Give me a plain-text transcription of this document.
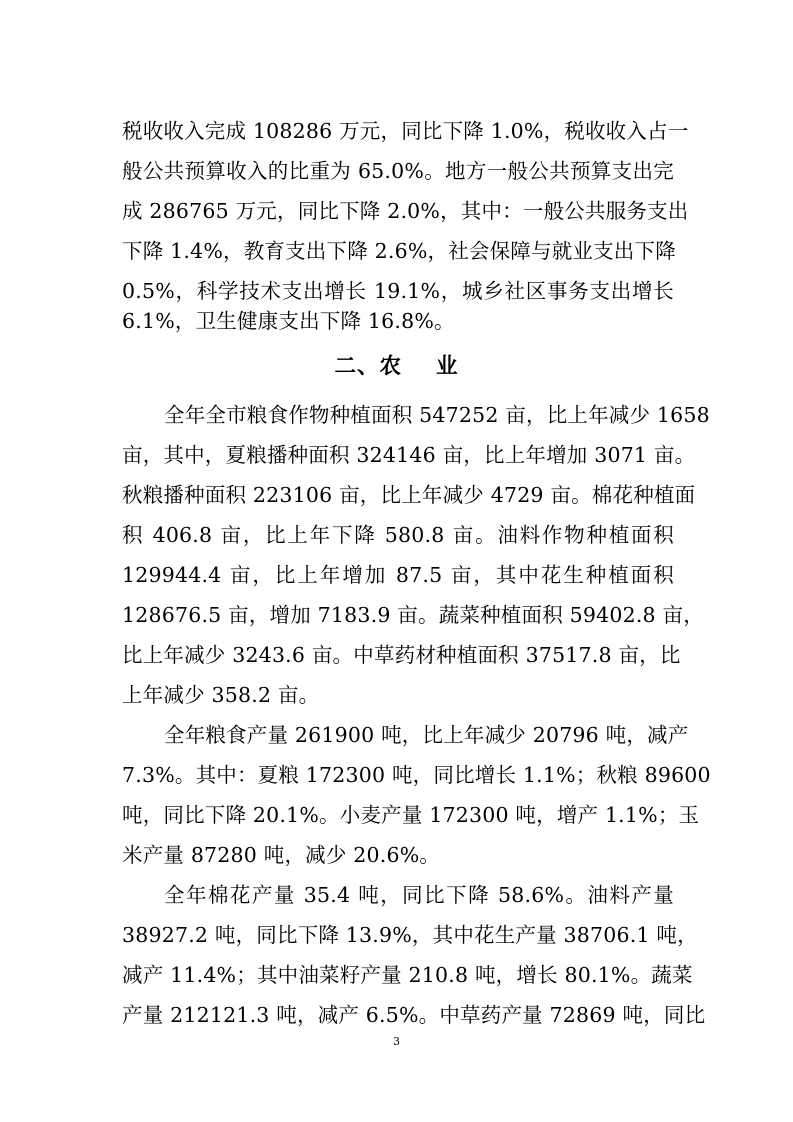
税收收入完成 108286 万元，同比下降 1.0%，税收收入占一
般公共预算收入的比重为 65.0%。地方一般公共预算支出完
成 286765 万元，同比下降 2.0%，其中：一般公共服务支出
下降 1.4%，教育支出下降 2.6%，社会保障与就业支出下降
0.5%，科学技术支出增长 19.1%，城乡社区事务支出增长
6.1%，卫生健康支出下降 16.8%。
二、农    业
全年全市粮食作物种植面积 547252 亩，比上年减少 1658
亩，其中，夏粮播种面积 324146 亩，比上年增加 3071 亩。
秋粮播种面积 223106 亩，比上年减少 4729 亩。棉花种植面
积 406.8 亩，比上年下降 580.8 亩。油料作物种植面积
129944.4 亩，比上年增加 87.5 亩，其中花生种植面积
128676.5 亩，增加 7183.9 亩。蔬菜种植面积 59402.8 亩，
比上年减少 3243.6 亩。中草药材种植面积 37517.8 亩，比
上年减少 358.2 亩。
全年粮食产量 261900 吨，比上年减少 20796 吨，减产
7.3%。其中：夏粮 172300 吨，同比增长 1.1%；秋粮 89600
吨，同比下降 20.1%。小麦产量 172300 吨，增产 1.1%；玉
米产量 87280 吨，减少 20.6%。
全年棉花产量 35.4 吨，同比下降 58.6%。油料产量
38927.2 吨，同比下降 13.9%，其中花生产量 38706.1 吨，
减产 11.4%；其中油菜籽产量 210.8 吨，增长 80.1%。蔬菜
产量 212121.3 吨，减产 6.5%。中草药产量 72869 吨，同比
3
